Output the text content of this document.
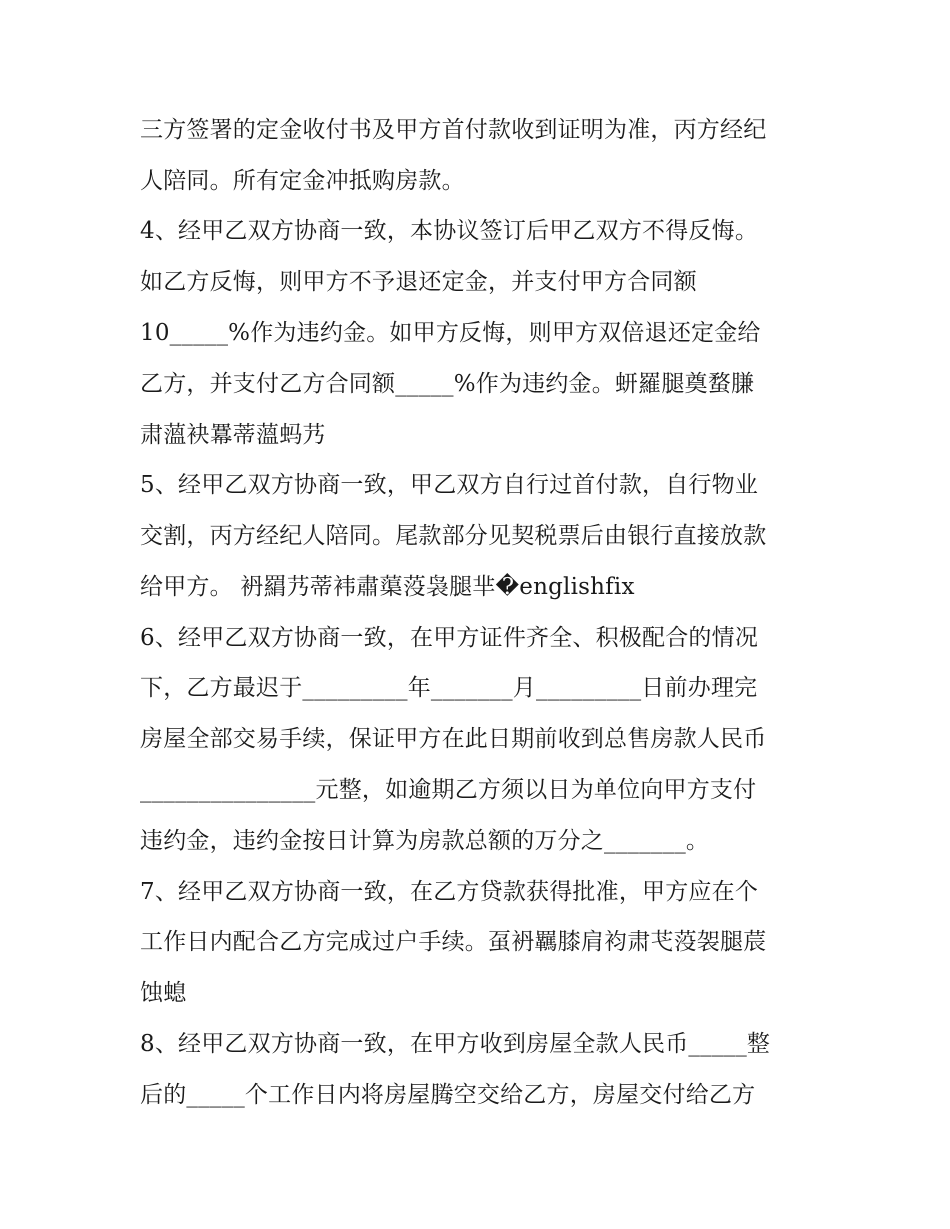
三方签署的定金收付书及甲方首付款收到证明为准，丙方经纪
人陪同。所有定金冲抵购房款。
4、经甲乙双方协商一致，本协议签订后甲乙双方不得反悔。
如乙方反悔，则甲方不予退还定金，并支付甲方合同额
10_____%作为违约金。如甲方反悔，则甲方双倍退还定金给
乙方，并支付乙方合同额_____%作为违约金。蚈羅腿奠蝥膁
肃薀袂羃蒂薀蚂艿
5、经甲乙双方协商一致，甲乙双方自行过首付款，自行物业
交割，丙方经纪人陪同。尾款部分见契税票后由银行直接放款
给甲方。 袇羂艿蒂袆肅蕖莈袅腿芈�englishfix
6、经甲乙双方协商一致，在甲方证件齐全、积极配合的情况
下，乙方最迟于_________年_______月_________日前办理完
房屋全部交易手续，保证甲方在此日期前收到总售房款人民币
_______________元整，如逾期乙方须以日为单位向甲方支付
违约金，违约金按日计算为房款总额的万分之_______。
7、经甲乙双方协商一致，在乙方贷款获得批准，甲方应在个
工作日内配合乙方完成过户手续。虿袇羈膝肩袀肃芅莈袈腿莀
蚀螅
8、经甲乙双方协商一致，在甲方收到房屋全款人民币_____整
后的_____个工作日内将房屋腾空交给乙方，房屋交付给乙方
